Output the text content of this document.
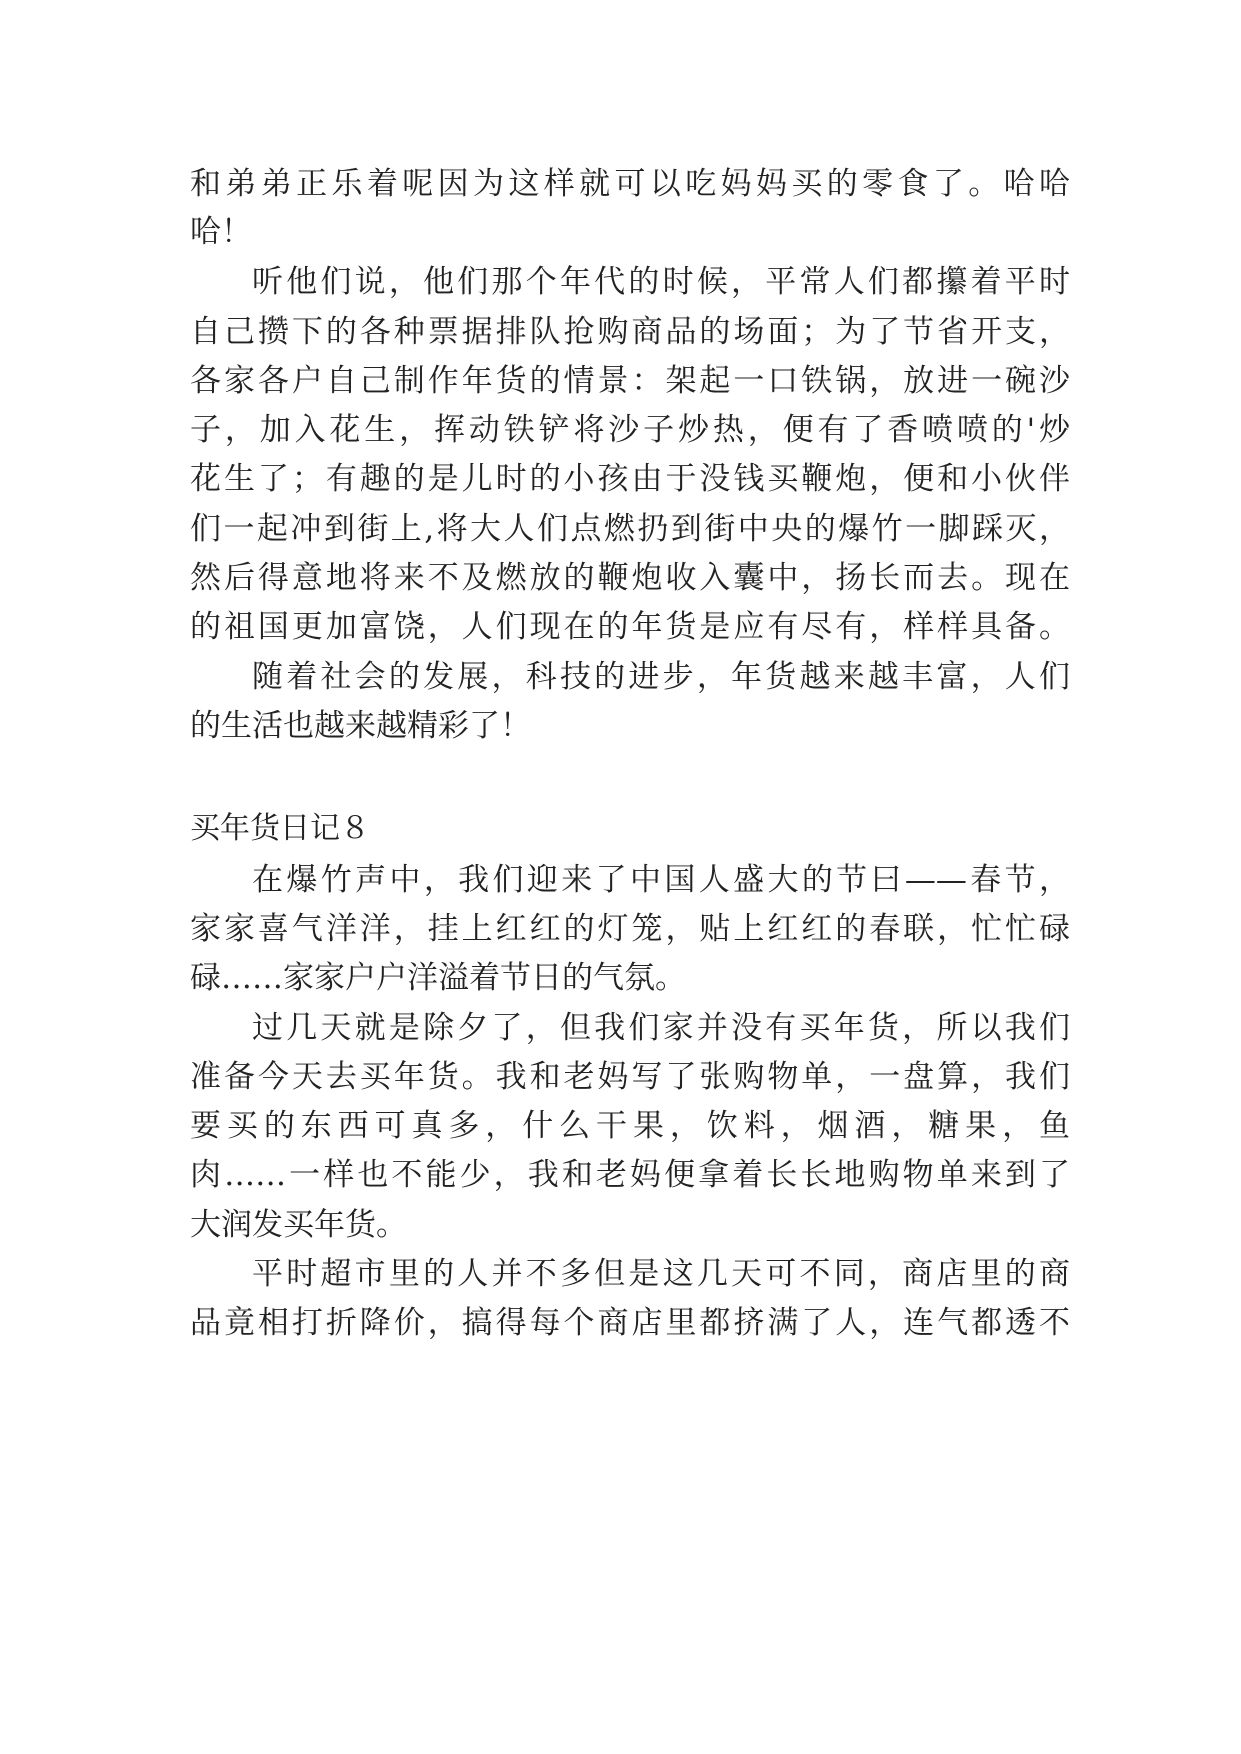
和弟弟正乐着呢因为这样就可以吃妈妈买的零食了。哈哈

哈！

听他们说，他们那个年代的时候，平常人们都攥着平时

自己攒下的各种票据排队抢购商品的场面；为了节省开支，

各家各户自己制作年货的情景：架起一口铁锅，放进一碗沙

子，加入花生，挥动铁铲将沙子炒热，便有了香喷喷的'炒

花生了；有趣的是儿时的小孩由于没钱买鞭炮，便和小伙伴

们一起冲到街上,将大人们点燃扔到街中央的爆竹一脚踩灭，

然后得意地将来不及燃放的鞭炮收入囊中，扬长而去。现在

的祖国更加富饶，人们现在的年货是应有尽有，样样具备。

随着社会的发展，科技的进步，年货越来越丰富，人们

的生活也越来越精彩了！

买年货日记８

在爆竹声中，我们迎来了中国人盛大的节曰——春节，

家家喜气洋洋，挂上红红的灯笼，贴上红红的春联，忙忙碌

碌……家家户户洋溢着节日的气氛。

过几天就是除夕了，但我们家并没有买年货，所以我们

准备今天去买年货。我和老妈写了张购物单，一盘算，我们

要买的东西可真多，什么干果，饮料，烟酒，糖果，鱼

肉……一样也不能少，我和老妈便拿着长长地购物单来到了

大润发买年货。

平时超市里的人并不多但是这几天可不同，商店里的商

品竟相打折降价，搞得每个商店里都挤满了人，连气都透不
